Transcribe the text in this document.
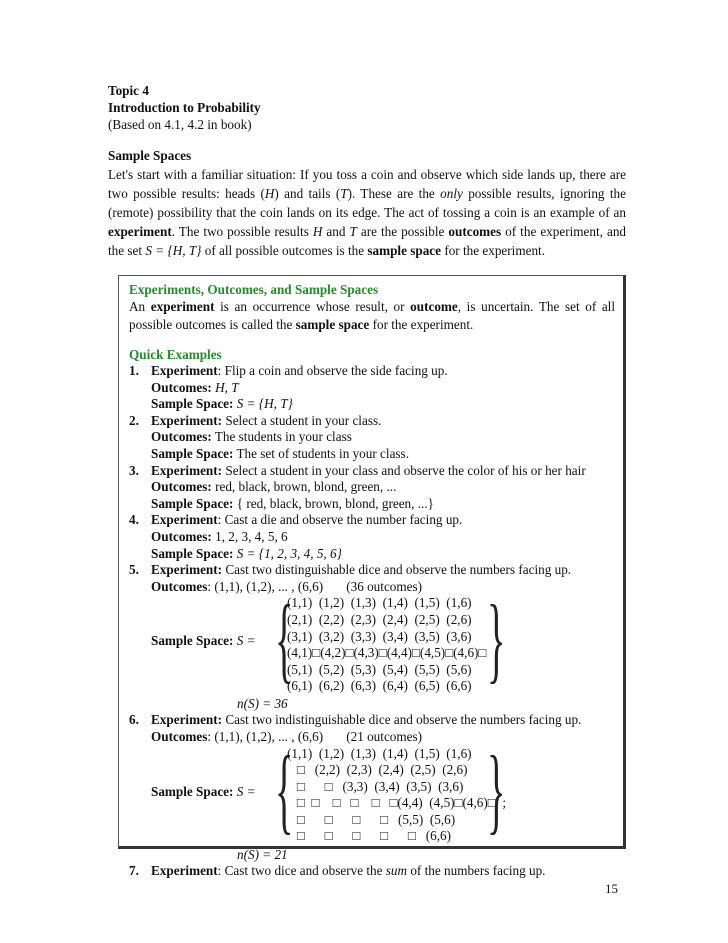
Topic 4
Introduction to Probability
(Based on 4.1, 4.2 in book)
Sample Spaces

Let's start with a familiar situation: If you toss a coin and observe which side lands up, there are two possible results: heads (H) and tails (T). These are the only possible results, ignoring the (remote) possibility that the coin lands on its edge. The act of tossing a coin is an example of an experiment. The two possible results H and T are the possible outcomes of the experiment, and the set S = {H, T} of all possible outcomes is the sample space for the experiment.

Experiments, Outcomes, and Sample Spaces

An experiment is an occurrence whose result, or outcome, is uncertain. The set of all possible outcomes is called the sample space for the experiment.

Quick Examples
1. Experiment: Flip a coin and observe the side facing up.
Outcomes: H, T
Sample Space: S = {H, T}
2. Experiment: Select a student in your class.
Outcomes: The students in your class
Sample Space: The set of students in your class.
3. Experiment: Select a student in your class and observe the color of his or her hair
Outcomes: red, black, brown, blond, green, ...
Sample Space: { red, black, brown, blond, green, ...}
4. Experiment: Cast a die and observe the number facing up.
Outcomes: 1, 2, 3, 4, 5, 6
Sample Space: S = {1, 2, 3, 4, 5, 6}
5. Experiment: Cast two distinguishable dice and observe the numbers facing up.
Outcomes: (1,1), (1,2), ... , (6,6)       (36 outcomes)
Sample Space: S = {
(1,1)  (1,2)  (1,3)  (1,4)  (1,5)  (1,6)
(2,1)  (2,2)  (2,3)  (2,4)  (2,5)  (2,6)
(3,1)  (3,2)  (3,3)  (3,4)  (3,5)  (3,6)
(4,1)□(4,2)□(4,3)□(4,4)□(4,5)□(4,6)□
(5,1)  (5,2)  (5,3)  (5,4)  (5,5)  (5,6)
(6,1)  (6,2)  (6,3)  (6,4)  (6,5)  (6,6) }
n(S) = 36
6. Experiment: Cast two indistinguishable dice and observe the numbers facing up.
Outcomes: (1,1), (1,2), ... , (6,6)       (21 outcomes)
Sample Space: S = {
(1,1)  (1,2)  (1,3)  (1,4)  (1,5)  (1,6)
□   (2,2)  (2,3)  (2,4)  (2,5)  (2,6)
□      □   (3,3)  (3,4)  (3,5)  (3,6)
□  □    □   □    □   □(4,4)  (4,5)□(4,6)□  ;
□      □      □      □   (5,5)  (5,6)
□      □      □      □      □   (6,6) }
n(S) = 21
7. Experiment: Cast two dice and observe the sum of the numbers facing up.
15
